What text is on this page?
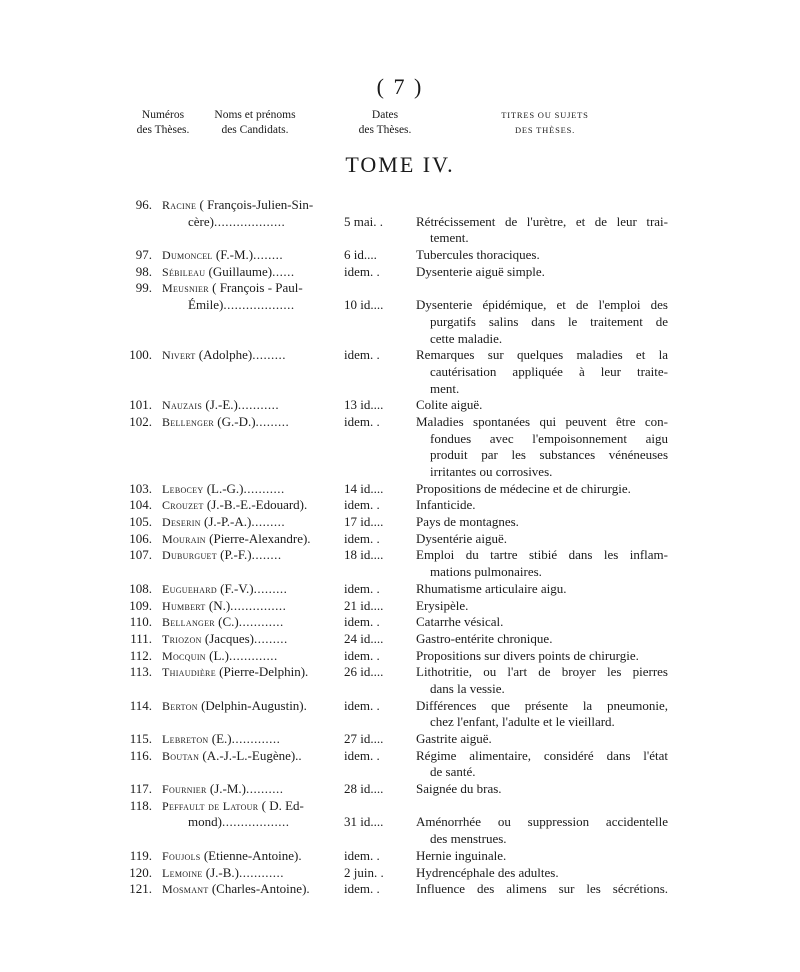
( 7 )
Numéros
des Thèses.
Noms et prénoms
des Candidats.
Dates
des Thèses.
TITRES OU SUJETS
DES THÈSES.
TOME IV.
96. Racine ( François-Julien-Sin-
cère)...................	5 mai. .	Rétrécissement de l'urètre, et de leur trai-
tement.
97. Dumoncel (F.-M.)........	6 id....	Tubercules thoraciques.
98. Sébileau (Guillaume)......	idem. .	Dysenterie aiguë simple.
99. Meusnier ( François - Paul-
Émile)...................	10 id....	Dysenterie épidémique, et de l'emploi des
purgatifs salins dans le traitement de
cette maladie.
100. Nivert (Adolphe).........	idem. .	Remarques sur quelques maladies et la
cautérisation appliquée à leur traite-
ment.
101. Nauzais (J.-E.)...........	13 id....	Colite aiguë.
102. Bellenger (G.-D.).........	idem. .	Maladies spontanées qui peuvent être con-
fondues avec l'empoisonnement aigu
produit par les substances vénéneuses
irritantes ou corrosives.
103. Lebocey (L.-G.)...........	14 id....	Propositions de médecine et de chirurgie.
104. Crouzet (J.-B.-E.-Edouard).	idem. .	Infanticide.
105. Deserin (J.-P.-A.).........	17 id....	Pays de montagnes.
106. Mourain (Pierre-Alexandre).	idem. .	Dysentérie aiguë.
107. Duburguet (P.-F.)........	18 id....	Emploi du tartre stibié dans les inflam-
mations pulmonaires.
108. Euguehard (F.-V.).........	idem. .	Rhumatisme articulaire aigu.
109. Humbert (N.)...............	21 id....	Erysipèle.
110. Bellanger (C.)............	idem. .	Catarrhe vésical.
111. Triozon (Jacques).........	24 id....	Gastro-entérite chronique.
112. Mocquin (L.).............	idem. .	Propositions sur divers points de chirurgie.
113. Thiaudière (Pierre-Delphin).	26 id....	Lithotritie, ou l'art de broyer les pierres
dans la vessie.
114. Berton (Delphin-Augustin).	idem. .	Différences que présente la pneumonie,
chez l'enfant, l'adulte et le vieillard.
115. Lebreton (E.).............	27 id....	Gastrite aiguë.
116. Boutan (A.-J.-L.-Eugène)..	idem. .	Régime alimentaire, considéré dans l'état
de santé.
117. Fournier (J.-M.)..........	28 id....	Saignée du bras.
118. Peffault de Latour ( D. Ed-
mond)..................	31 id....	Aménorrhée ou suppression accidentelle
des menstrues.
119. Foujols (Etienne-Antoine).	idem. .	Hernie inguinale.
120. Lemoine (J.-B.)............	2 juin. .	Hydrencéphale des adultes.
121. Mosmant (Charles-Antoine).	idem. .	Influence des alimens sur les sécrétions.
